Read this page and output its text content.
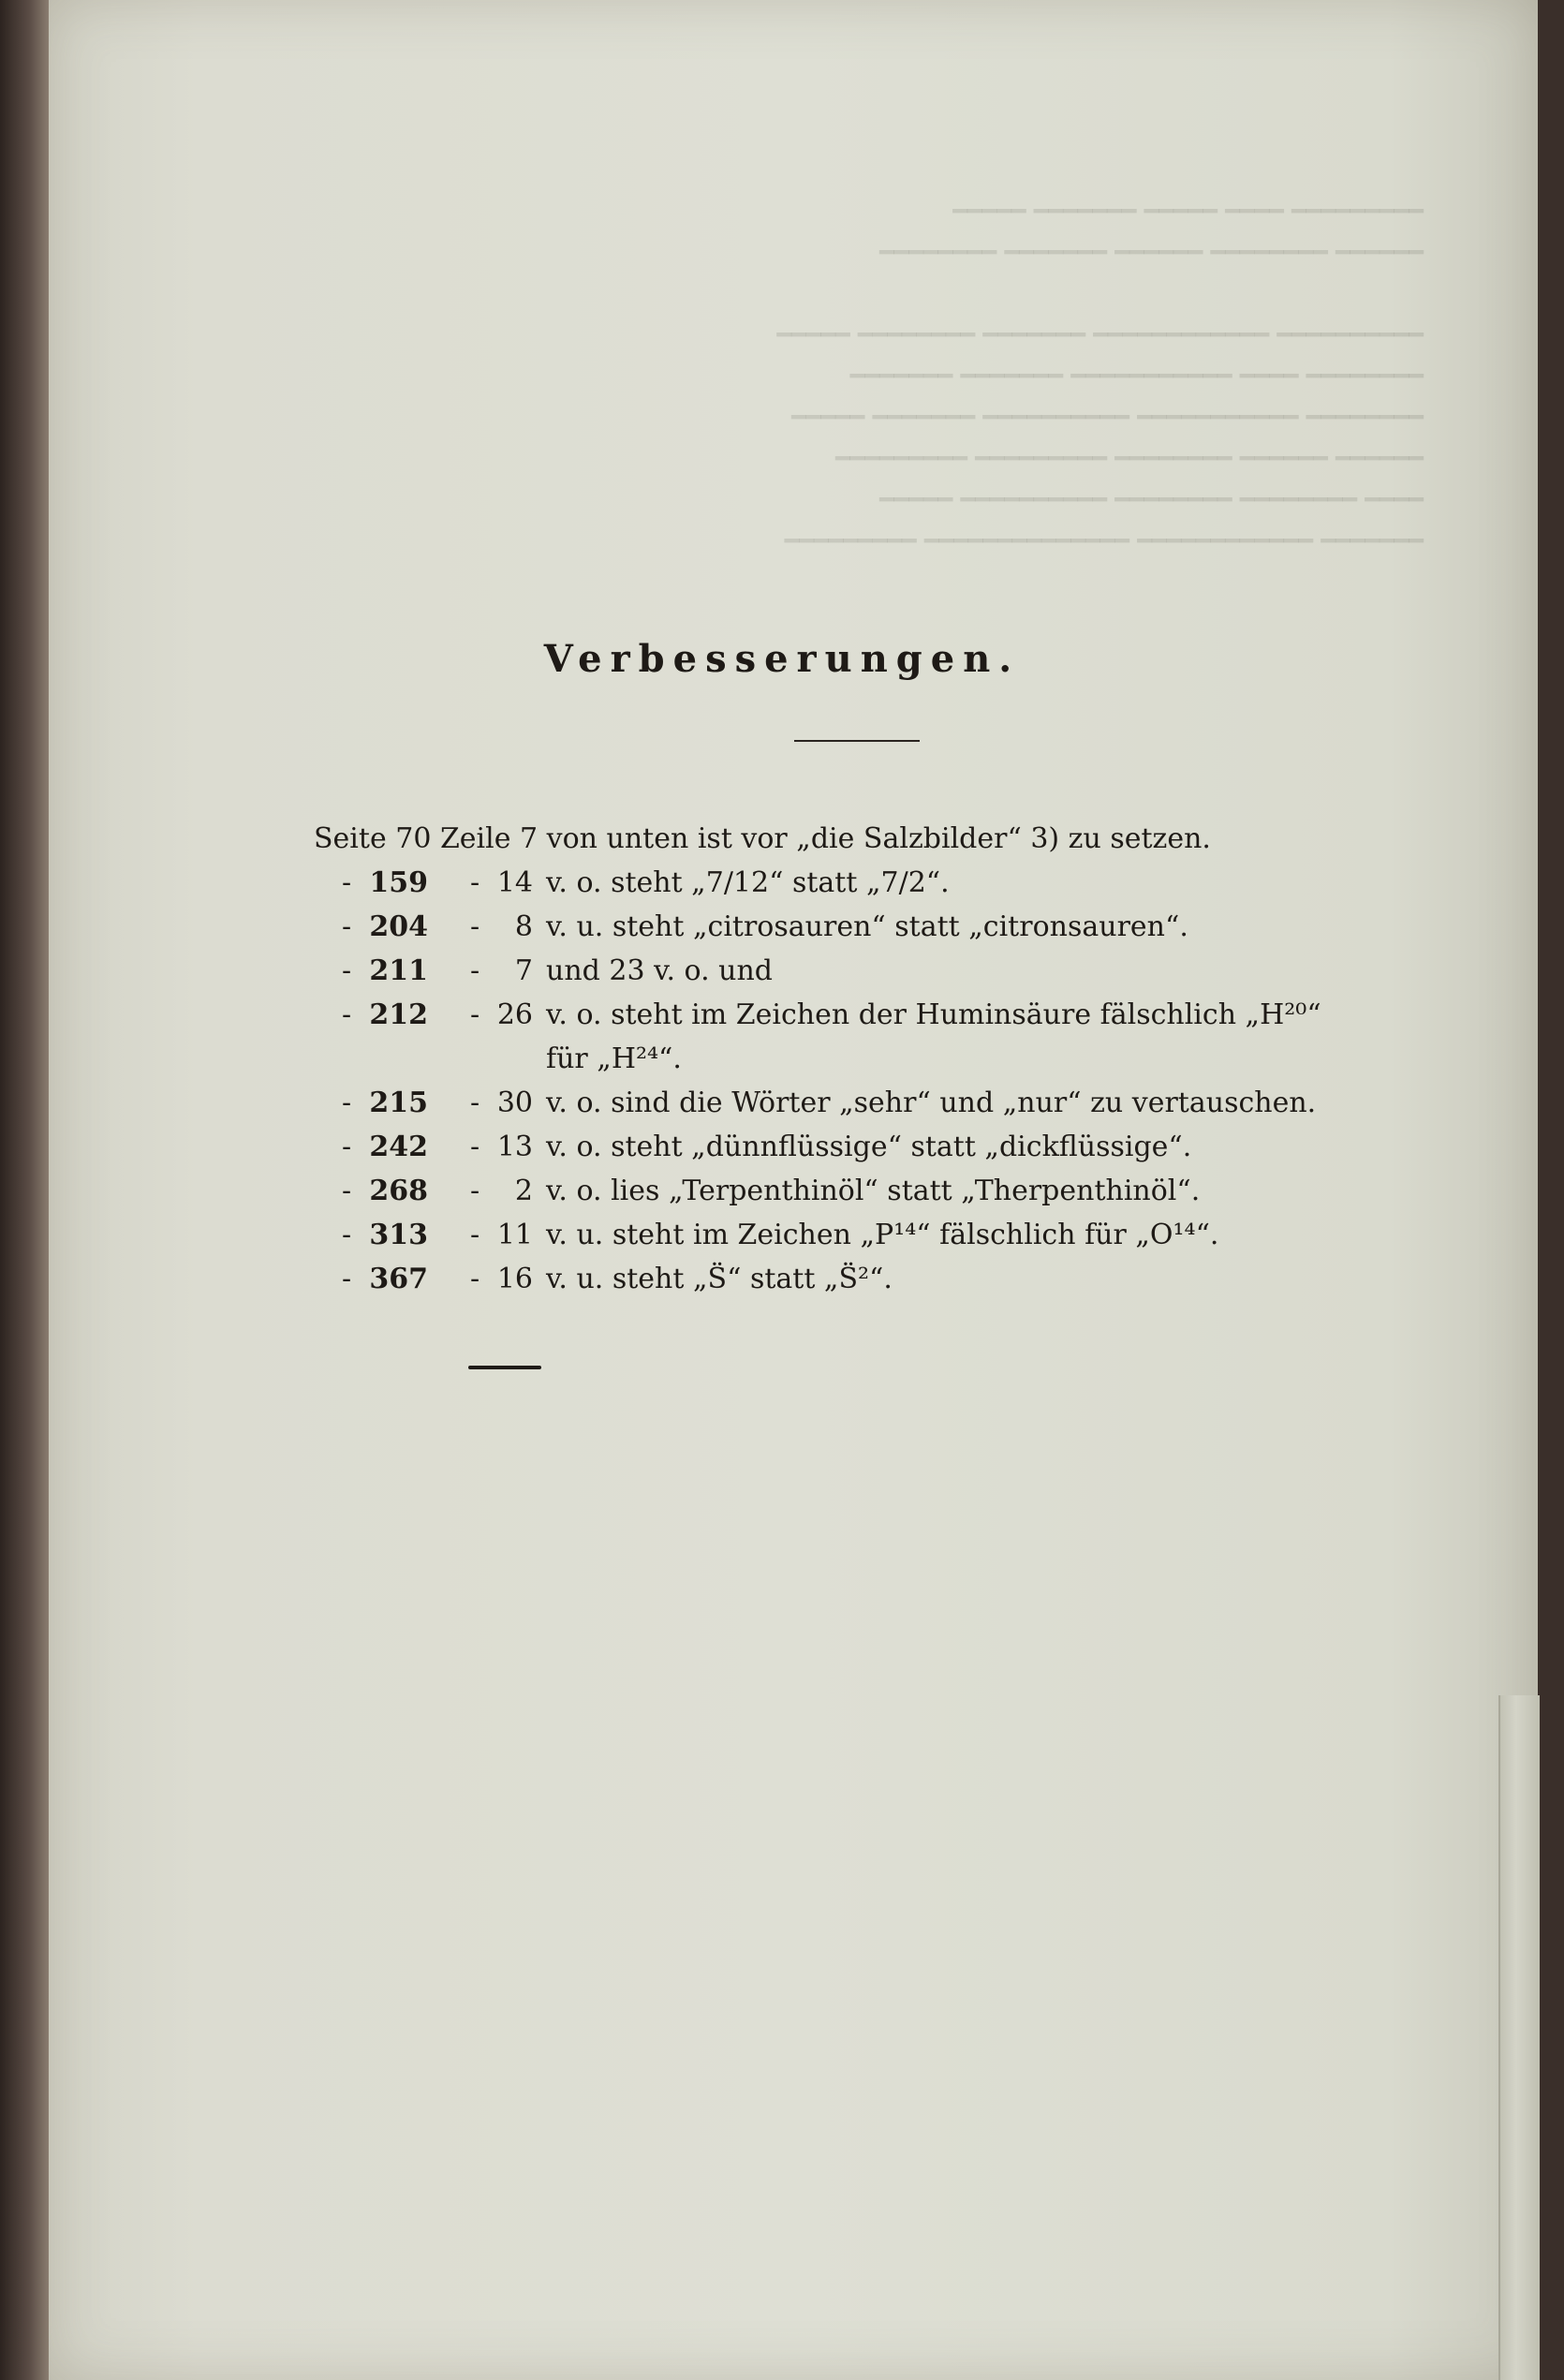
━━━━━━━━━ ━━━━ ━━━━━ ━━━━━━━ ━━━━━
━━━━━━ ━━━━━━━━ ━━━━━━ ━━━━━━━ ━━━━━━━━

━━━━━━━━━━ ━━━━━━━━━━━━ ━━━━━━━ ━━━━━━━━ ━━━━━
━━━━━━━━ ━━━━ ━━━━━━━━━━━ ━━━━━━━ ━━━━━━━
━━━━━━━━ ━━━━━━━━━━━ ━━━━━━━━━━ ━━━━━━━ ━━━━━
━━━━━━ ━━━━━━ ━━━━━━━━ ━━━━━━━━━ ━━━━━━━━━
━━━━ ━━━━━━━━ ━━━━━━━━ ━━━━━━━━━━ ━━━━━
━━━━━━━ ━━━━━━━━━━━━ ━━━━━━━━━━━━━━ ━━━━━━━━━

Verbesserungen.
Seite 70 Zeile 7 von unten ist vor „die Salzbilder“ 3) zu setzen.
- 159 - 14 v. o. steht „7/12“ statt „7/2“.
- 204 -	8 v. u. steht „citrosauren“ statt „citronsauren“.
- 211 -	7 und 23 v. o. und
- 212 - 26 v. o. steht im Zeichen der Huminsäure fälschlich „H²⁰“
für „H²⁴“.
- 215 - 30 v. o. sind die Wörter „sehr“ und „nur“ zu vertauschen.
- 242 - 13 v. o. steht „dünnflüssige“ statt „dickflüssige“.
- 268 -	2 v. o. lies „Terpenthinöl“ statt „Therpenthinöl“.
- 313 - 11 v. u. steht im Zeichen „P¹⁴“ fälschlich für „O¹⁴“.
- 367 - 16 v. u. steht „S̈“ statt „S̈²“.
